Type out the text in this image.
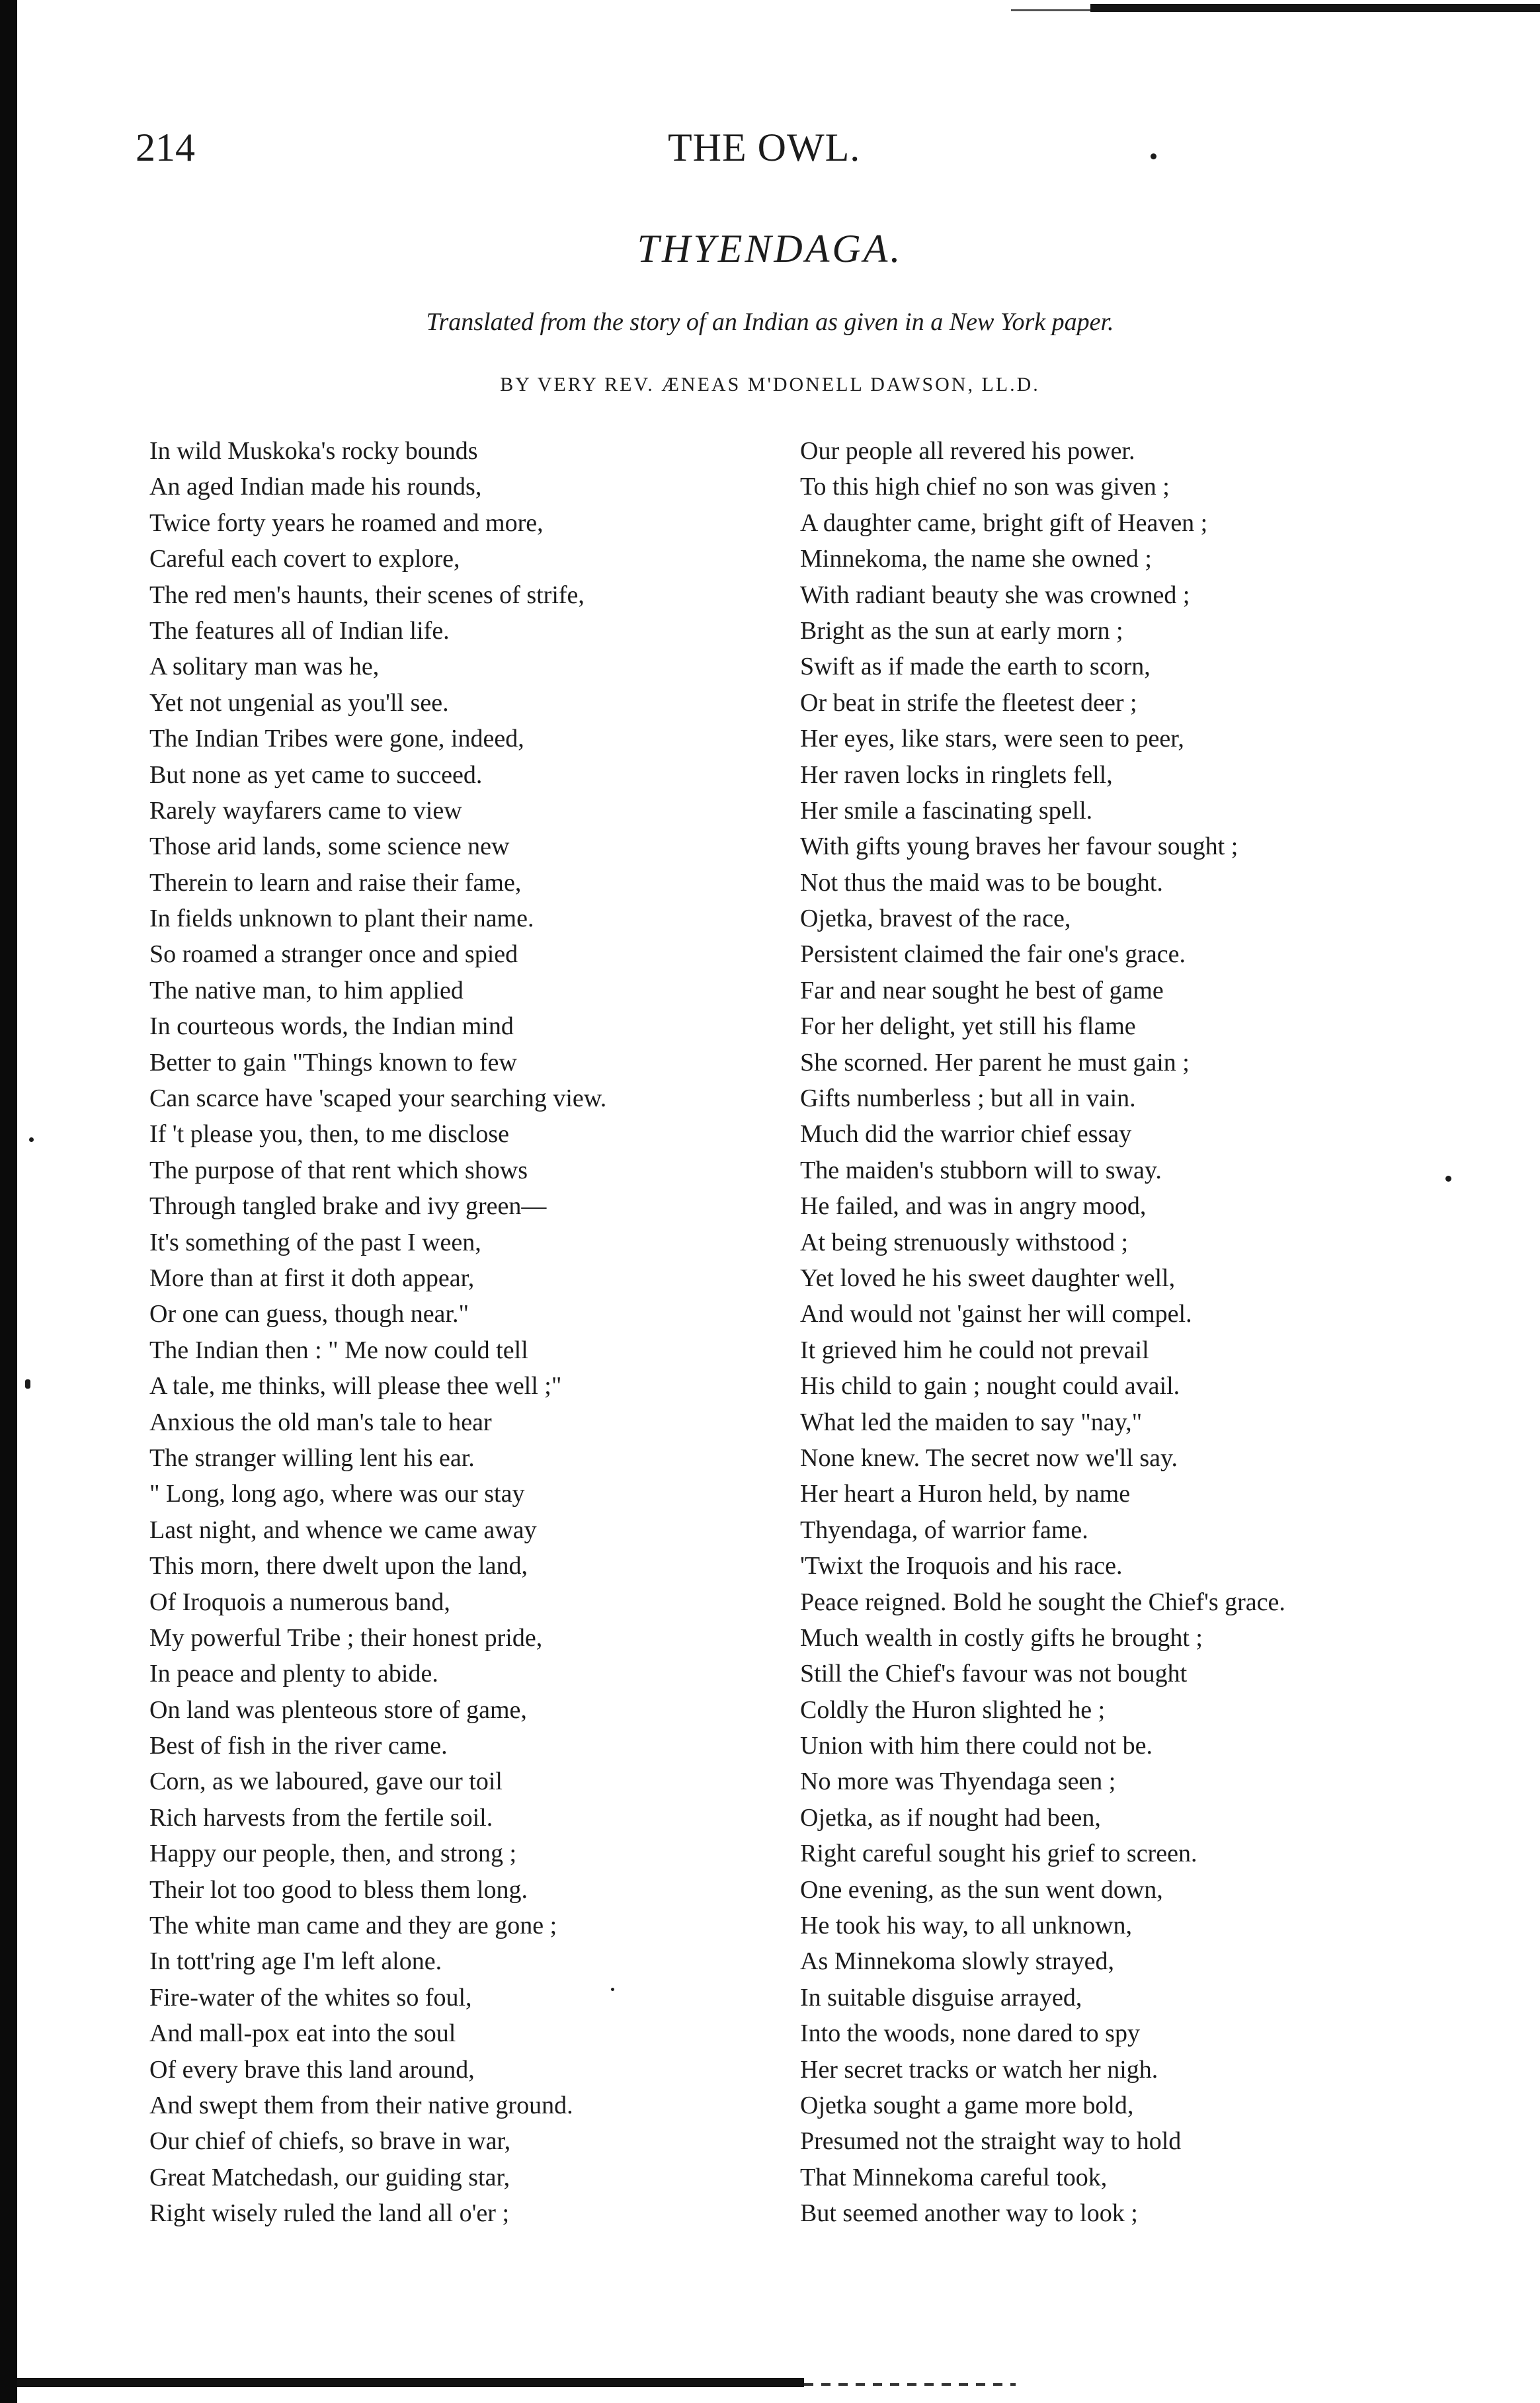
214	THE OWL.
THYENDAGA.
Translated from the story of an Indian as given in a New York paper.
BY VERY REV. ÆNEAS M'DONELL DAWSON, LL.D.
In wild Muskoka's rocky bounds
An aged Indian made his rounds,
Twice forty years he roamed and more,
Careful each covert to explore,
The red men's haunts, their scenes of strife,
The features all of Indian life.
A solitary man was he,
Yet not ungenial as you'll see.
The Indian Tribes were gone, indeed,
But none as yet came to succeed.
Rarely wayfarers came to view
Those arid lands, some science new
Therein to learn and raise their fame,
In fields unknown to plant their name.
So roamed a stranger once and spied
The native man, to him applied
In courteous words, the Indian mind
Better to gain "Things known to few
Can scarce have 'scaped your searching view.
If 't please you, then, to me disclose
The purpose of that rent which shows
Through tangled brake and ivy green—
It's something of the past I ween,
More than at first it doth appear,
Or one can guess, though near."
The Indian then : " Me now could tell
A tale, me thinks, will please thee well ;"
Anxious the old man's tale to hear
The stranger willing lent his ear.
" Long, long ago, where was our stay
Last night, and whence we came away
This morn, there dwelt upon the land,
Of Iroquois a numerous band,
My powerful Tribe ; their honest pride,
In peace and plenty to abide.
On land was plenteous store of game,
Best of fish in the river came.
Corn, as we laboured, gave our toil
Rich harvests from the fertile soil.
Happy our people, then, and strong ;
Their lot too good to bless them long.
The white man came and they are gone ;
In tott'ring age I'm left alone.
Fire-water of the whites so foul,
And mall-pox eat into the soul
Of every brave this land around,
And swept them from their native ground.
Our chief of chiefs, so brave in war,
Great Matchedash, our guiding star,
Right wisely ruled the land all o'er ;
Our people all revered his power.
To this high chief no son was given ;
A daughter came, bright gift of Heaven ;
Minnekoma, the name she owned ;
With radiant beauty she was crowned ;
Bright as the sun at early morn ;
Swift as if made the earth to scorn,
Or beat in strife the fleetest deer ;
Her eyes, like stars, were seen to peer,
Her raven locks in ringlets fell,
Her smile a fascinating spell.
With gifts young braves her favour sought ;
Not thus the maid was to be bought.
Ojetka, bravest of the race,
Persistent claimed the fair one's grace.
Far and near sought he best of game
For her delight, yet still his flame
She scorned. Her parent he must gain ;
Gifts numberless ; but all in vain.
Much did the warrior chief essay
The maiden's stubborn will to sway.
He failed, and was in angry mood,
At being strenuously withstood ;
Yet loved he his sweet daughter well,
And would not 'gainst her will compel.
It grieved him he could not prevail
His child to gain ; nought could avail.
What led the maiden to say "nay,"
None knew. The secret now we'll say.
Her heart a Huron held, by name
Thyendaga, of warrior fame.
'Twixt the Iroquois and his race.
Peace reigned. Bold he sought the Chief's grace.
Much wealth in costly gifts he brought ;
Still the Chief's favour was not bought
Coldly the Huron slighted he ;
Union with him there could not be.
No more was Thyendaga seen ;
Ojetka, as if nought had been,
Right careful sought his grief to screen.
One evening, as the sun went down,
He took his way, to all unknown,
As Minnekoma slowly strayed,
In suitable disguise arrayed,
Into the woods, none dared to spy
Her secret tracks or watch her nigh.
Ojetka sought a game more bold,
Presumed not the straight way to hold
That Minnekoma careful took,
But seemed another way to look ;
